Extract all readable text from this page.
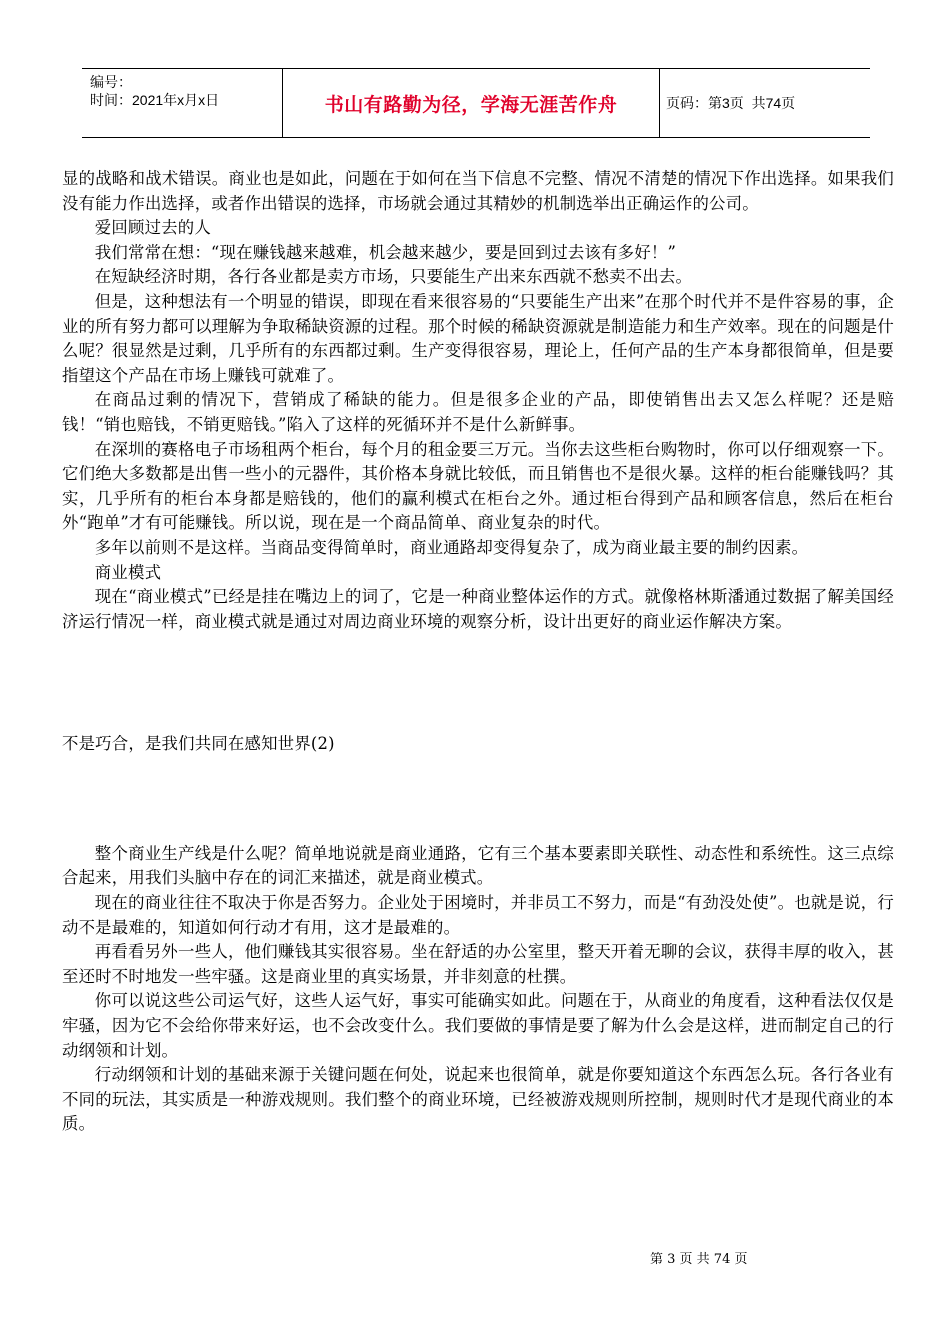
编号：
时间：2021年x月x日	书山有路勤为径，学海无涯苦作舟	页码：第3页  共74页

显的战略和战术错误。商业也是如此，问题在于如何在当下信息不完整、情况不清楚的情况下作出选择。如果我们没有能力作出选择，或者作出错误的选择，市场就会通过其精妙的机制选举出正确运作的公司。

爱回顾过去的人

我们常常在想：“现在赚钱越来越难，机会越来越少，要是回到过去该有多好！”

在短缺经济时期，各行各业都是卖方市场，只要能生产出来东西就不愁卖不出去。

但是，这种想法有一个明显的错误，即现在看来很容易的“只要能生产出来”在那个时代并不是件容易的事，企业的所有努力都可以理解为争取稀缺资源的过程。那个时候的稀缺资源就是制造能力和生产效率。现在的问题是什么呢？很显然是过剩，几乎所有的东西都过剩。生产变得很容易，理论上，任何产品的生产本身都很简单，但是要指望这个产品在市场上赚钱可就难了。

在商品过剩的情况下，营销成了稀缺的能力。但是很多企业的产品，即使销售出去又怎么样呢？还是赔钱！“销也赔钱，不销更赔钱。”陷入了这样的死循环并不是什么新鲜事。

在深圳的赛格电子市场租两个柜台，每个月的租金要三万元。当你去这些柜台购物时，你可以仔细观察一下。它们绝大多数都是出售一些小的元器件，其价格本身就比较低，而且销售也不是很火暴。这样的柜台能赚钱吗？其实，几乎所有的柜台本身都是赔钱的，他们的赢利模式在柜台之外。通过柜台得到产品和顾客信息，然后在柜台外“跑单”才有可能赚钱。所以说，现在是一个商品简单、商业复杂的时代。

多年以前则不是这样。当商品变得简单时，商业通路却变得复杂了，成为商业最主要的制约因素。

商业模式

现在“商业模式”已经是挂在嘴边上的词了，它是一种商业整体运作的方式。就像格林斯潘通过数据了解美国经济运行情况一样，商业模式就是通过对周边商业环境的观察分析，设计出更好的商业运作解决方案。

不是巧合，是我们共同在感知世界(2)

整个商业生产线是什么呢？简单地说就是商业通路，它有三个基本要素即关联性、动态性和系统性。这三点综合起来，用我们头脑中存在的词汇来描述，就是商业模式。

现在的商业往往不取决于你是否努力。企业处于困境时，并非员工不努力，而是“有劲没处使”。也就是说，行动不是最难的，知道如何行动才有用，这才是最难的。

再看看另外一些人，他们赚钱其实很容易。坐在舒适的办公室里，整天开着无聊的会议，获得丰厚的收入，甚至还时不时地发一些牢骚。这是商业里的真实场景，并非刻意的杜撰。

你可以说这些公司运气好，这些人运气好，事实可能确实如此。问题在于，从商业的角度看，这种看法仅仅是牢骚，因为它不会给你带来好运，也不会改变什么。我们要做的事情是要了解为什么会是这样，进而制定自己的行动纲领和计划。

行动纲领和计划的基础来源于关键问题在何处，说起来也很简单，就是你要知道这个东西怎么玩。各行各业有不同的玩法，其实质是一种游戏规则。我们整个的商业环境，已经被游戏规则所控制，规则时代才是现代商业的本质。

第 3 页 共 74 页
